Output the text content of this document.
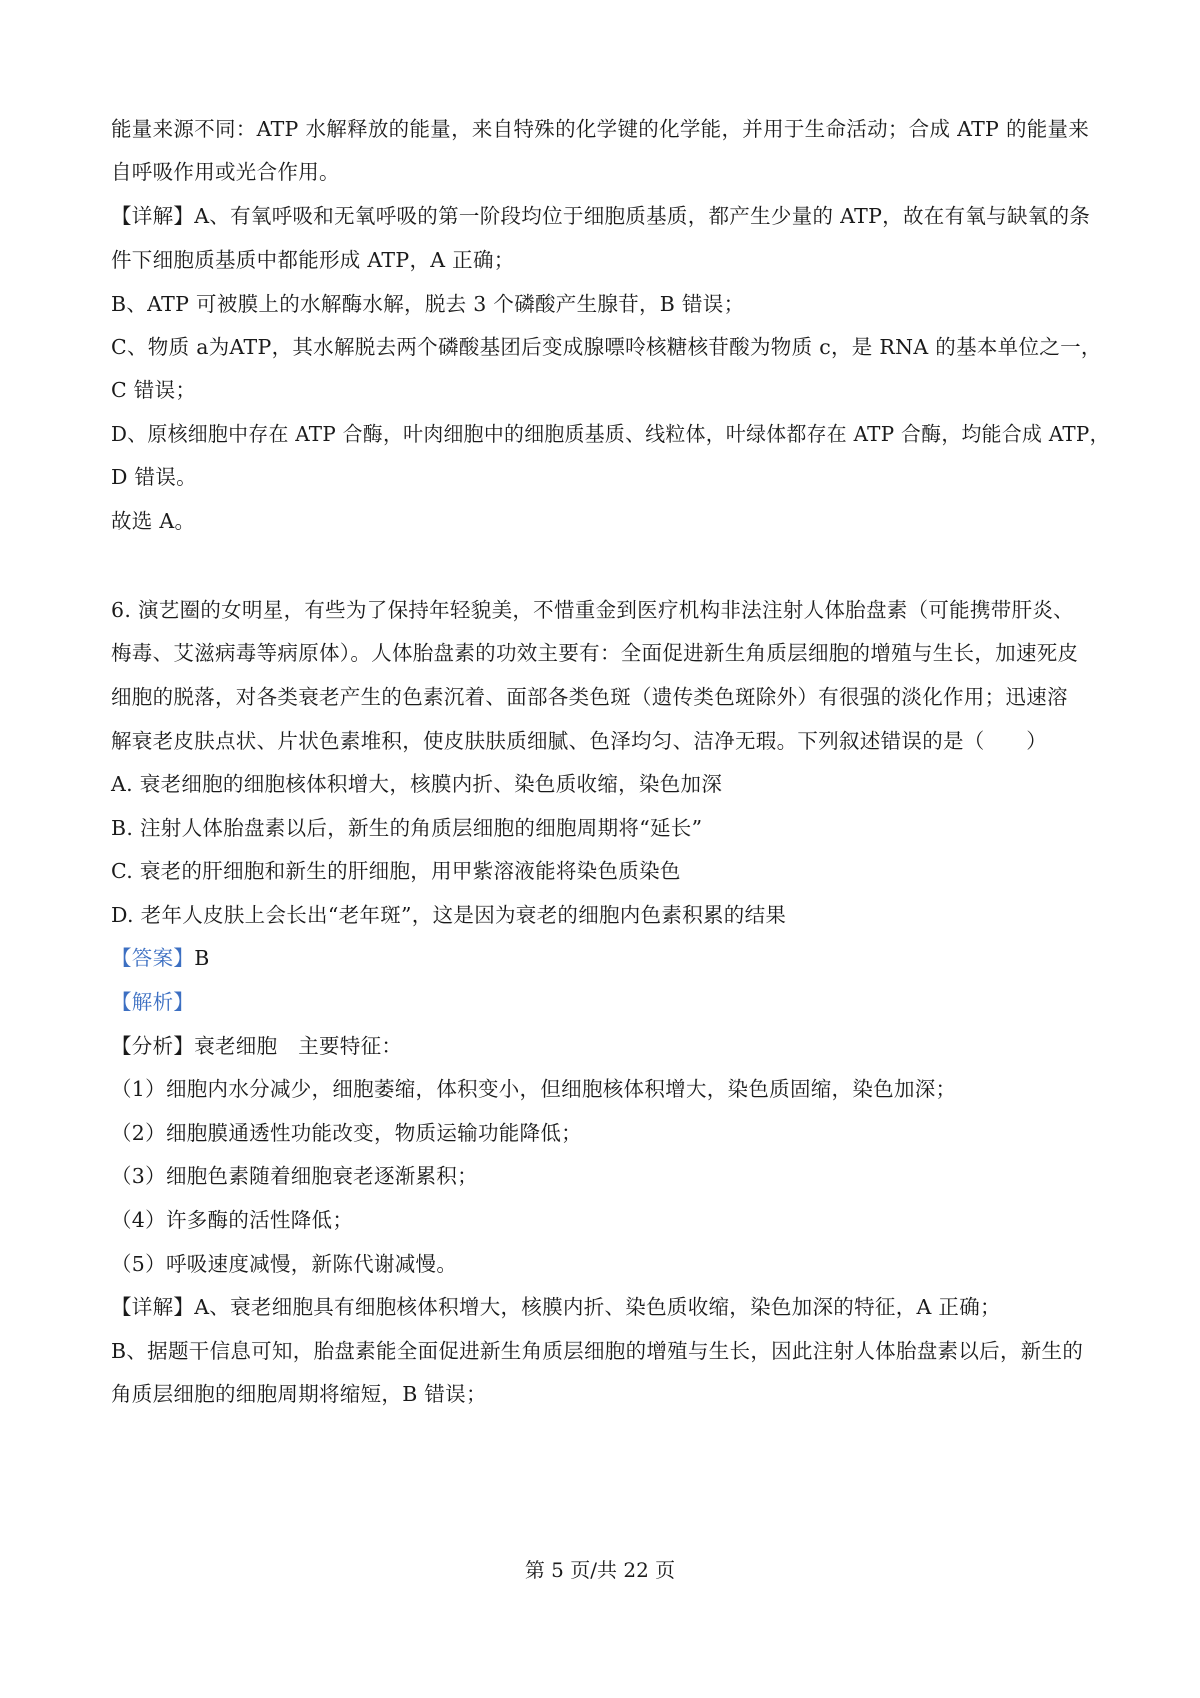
能量来源不同：ATP 水解释放的能量，来自特殊的化学键的化学能，并用于生命活动；合成 ATP 的能量来
自呼吸作用或光合作用。
【详解】A、有氧呼吸和无氧呼吸的第一阶段均位于细胞质基质，都产生少量的 ATP，故在有氧与缺氧的条
件下细胞质基质中都能形成 ATP，A 正确；
B、ATP 可被膜上的水解酶水解，脱去 3 个磷酸产生腺苷，B 错误；
C、物质 a为ATP，其水解脱去两个磷酸基团后变成腺嘌呤核糖核苷酸为物质 c，是 RNA 的基本单位之一，
C 错误；
D、原核细胞中存在 ATP 合酶，叶肉细胞中的细胞质基质、线粒体，叶绿体都存在 ATP 合酶，均能合成 ATP，
D 错误。
故选 A。
6. 演艺圈的女明星，有些为了保持年轻貌美，不惜重金到医疗机构非法注射人体胎盘素（可能携带肝炎、
梅毒、艾滋病毒等病原体）。人体胎盘素的功效主要有：全面促进新生角质层细胞的增殖与生长，加速死皮
细胞的脱落，对各类衰老产生的色素沉着、面部各类色斑（遗传类色斑除外）有很强的淡化作用；迅速溶
解衰老皮肤点状、片状色素堆积，使皮肤肤质细腻、色泽均匀、洁净无瑕。下列叙述错误的是（　　）
A. 衰老细胞的细胞核体积增大，核膜内折、染色质收缩，染色加深
B. 注射人体胎盘素以后，新生的角质层细胞的细胞周期将“延长”
C. 衰老的肝细胞和新生的肝细胞，用甲紫溶液能将染色质染色
D. 老年人皮肤上会长出“老年斑”，这是因为衰老的细胞内色素积累的结果
【答案】B
【解析】
【分析】衰老细胞　主要特征：
（1）细胞内水分减少，细胞萎缩，体积变小，但细胞核体积增大，染色质固缩，染色加深；
（2）细胞膜通透性功能改变，物质运输功能降低；
（3）细胞色素随着细胞衰老逐渐累积；
（4）许多酶的活性降低；
（5）呼吸速度减慢，新陈代谢减慢。
【详解】A、衰老细胞具有细胞核体积增大，核膜内折、染色质收缩，染色加深的特征，A 正确；
B、据题干信息可知，胎盘素能全面促进新生角质层细胞的增殖与生长，因此注射人体胎盘素以后，新生的
角质层细胞的细胞周期将缩短，B 错误；
第 5 页/共 22 页
